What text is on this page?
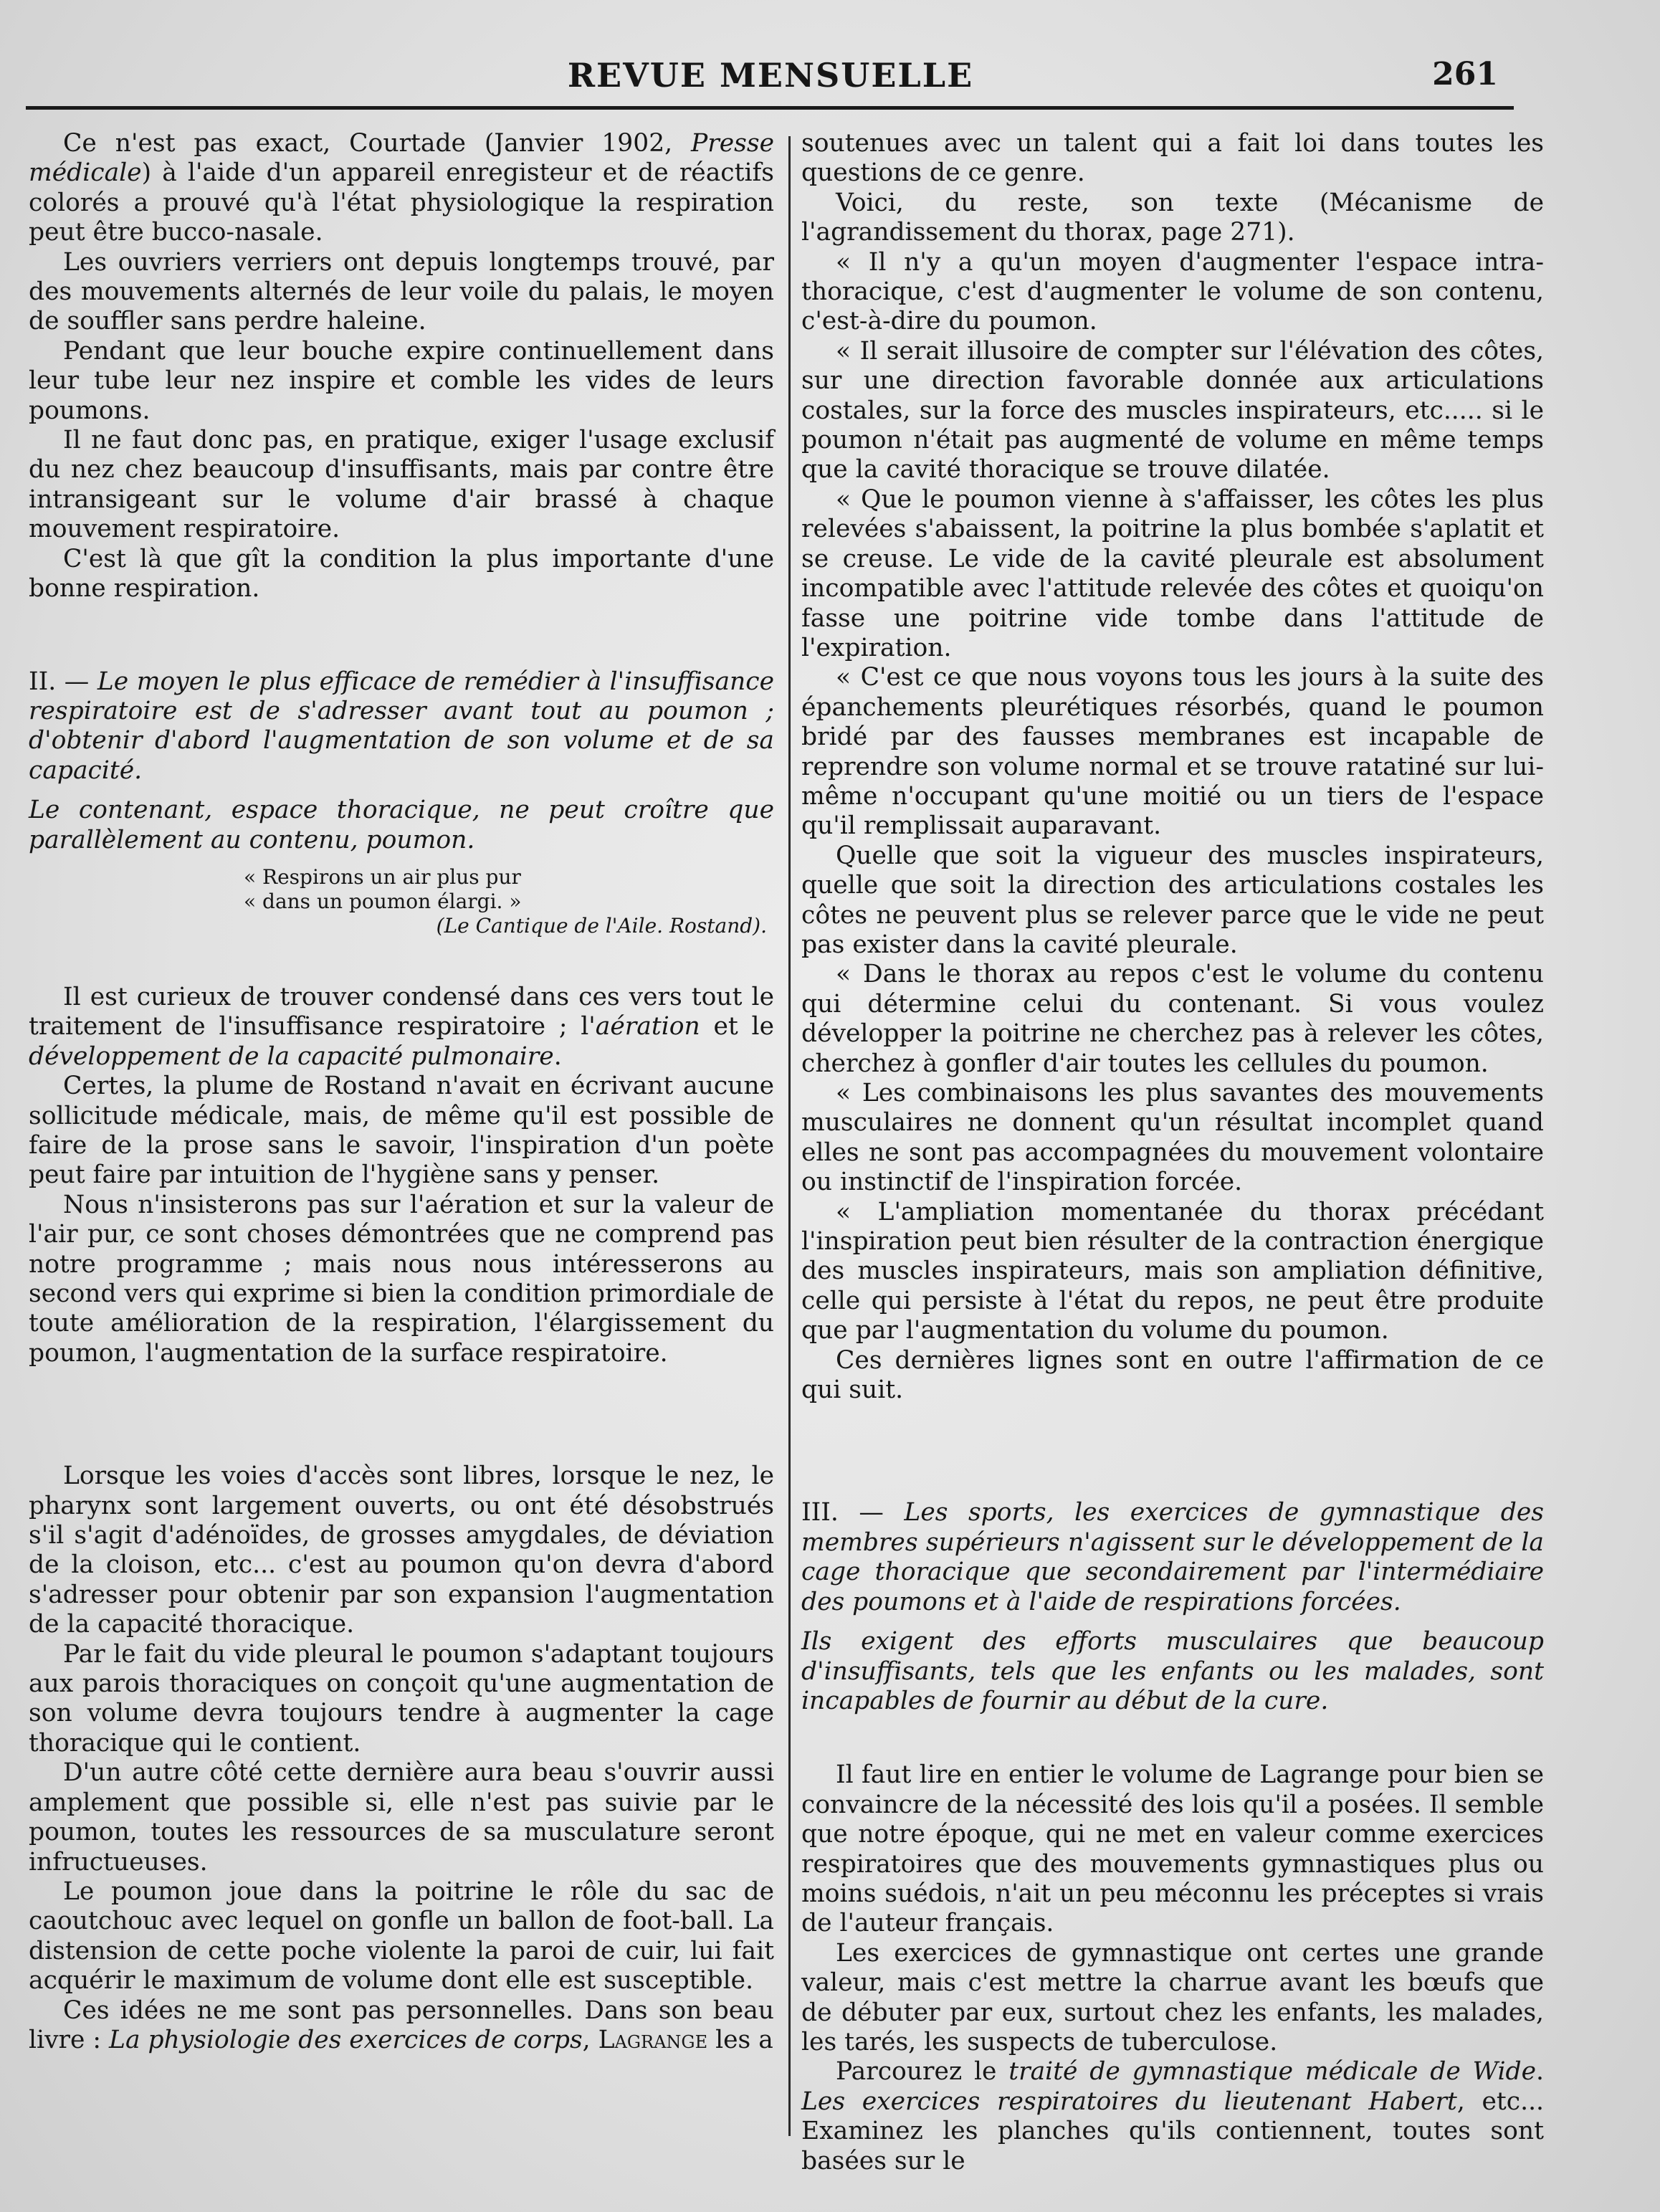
REVUE MENSUELLE	261

Ce n'est pas exact, Courtade (Janvier 1902, Presse médicale) à l'aide d'un appareil enregisteur et de réactifs colorés a prouvé qu'à l'état physiologique la respiration peut être bucco-nasale.

Les ouvriers verriers ont depuis longtemps trouvé, par des mouvements alternés de leur voile du palais, le moyen de souffler sans perdre haleine.

Pendant que leur bouche expire continuellement dans leur tube leur nez inspire et comble les vides de leurs poumons.

Il ne faut donc pas, en pratique, exiger l'usage exclusif du nez chez beaucoup d'insuffisants, mais par contre être intransigeant sur le volume d'air brassé à chaque mouvement respiratoire.

C'est là que gît la condition la plus importante d'une bonne respiration.

II. — Le moyen le plus efficace de remédier à l'insuffisance respiratoire est de s'adresser avant tout au poumon ; d'obtenir d'abord l'augmentation de son volume et de sa capacité.

Le contenant, espace thoracique, ne peut croître que parallèlement au contenu, poumon.

« Respirons un air plus pur
« dans un poumon élargi. »
(Le Cantique de l'Aile. Rostand).

Il est curieux de trouver condensé dans ces vers tout le traitement de l'insuffisance respiratoire ; l'aération et le développement de la capacité pulmonaire.

Certes, la plume de Rostand n'avait en écrivant aucune sollicitude médicale, mais, de même qu'il est possible de faire de la prose sans le savoir, l'inspiration d'un poète peut faire par intuition de l'hygiène sans y penser.

Nous n'insisterons pas sur l'aération et sur la valeur de l'air pur, ce sont choses démontrées que ne comprend pas notre programme ; mais nous nous intéresserons au second vers qui exprime si bien la condition primordiale de toute amélioration de la respiration, l'élargissement du poumon, l'augmentation de la surface respiratoire.

Lorsque les voies d'accès sont libres, lorsque le nez, le pharynx sont largement ouverts, ou ont été désobstrués s'il s'agit d'adénoïdes, de grosses amygdales, de déviation de la cloison, etc... c'est au poumon qu'on devra d'abord s'adresser pour obtenir par son expansion l'augmentation de la capacité thoracique.

Par le fait du vide pleural le poumon s'adaptant toujours aux parois thoraciques on conçoit qu'une augmentation de son volume devra toujours tendre à augmenter la cage thoracique qui le contient.

D'un autre côté cette dernière aura beau s'ouvrir aussi amplement que possible si, elle n'est pas suivie par le poumon, toutes les ressources de sa musculature seront infructueuses.

Le poumon joue dans la poitrine le rôle du sac de caoutchouc avec lequel on gonfle un ballon de foot-ball. La distension de cette poche violente la paroi de cuir, lui fait acquérir le maximum de volume dont elle est susceptible.

Ces idées ne me sont pas personnelles. Dans son beau livre : La physiologie des exercices de corps, Lagrange les a

soutenues avec un talent qui a fait loi dans toutes les questions de ce genre.

Voici, du reste, son texte (Mécanisme de l'agrandissement du thorax, page 271).

« Il n'y a qu'un moyen d'augmenter l'espace intra-thoracique, c'est d'augmenter le volume de son contenu, c'est-à-dire du poumon.

« Il serait illusoire de compter sur l'élévation des côtes, sur une direction favorable donnée aux articulations costales, sur la force des muscles inspirateurs, etc..... si le poumon n'était pas augmenté de volume en même temps que la cavité thoracique se trouve dilatée.

« Que le poumon vienne à s'affaisser, les côtes les plus relevées s'abaissent, la poitrine la plus bombée s'aplatit et se creuse. Le vide de la cavité pleurale est absolument incompatible avec l'attitude relevée des côtes et quoiqu'on fasse une poitrine vide tombe dans l'attitude de l'expiration.

« C'est ce que nous voyons tous les jours à la suite des épanchements pleurétiques résorbés, quand le poumon bridé par des fausses membranes est incapable de reprendre son volume normal et se trouve ratatiné sur lui-même n'occupant qu'une moitié ou un tiers de l'espace qu'il remplissait auparavant.

Quelle que soit la vigueur des muscles inspirateurs, quelle que soit la direction des articulations costales les côtes ne peuvent plus se relever parce que le vide ne peut pas exister dans la cavité pleurale.

« Dans le thorax au repos c'est le volume du contenu qui détermine celui du contenant. Si vous voulez développer la poitrine ne cherchez pas à relever les côtes, cherchez à gonfler d'air toutes les cellules du poumon.

« Les combinaisons les plus savantes des mouvements musculaires ne donnent qu'un résultat incomplet quand elles ne sont pas accompagnées du mouvement volontaire ou instinctif de l'inspiration forcée.

« L'ampliation momentanée du thorax précédant l'inspiration peut bien résulter de la contraction énergique des muscles inspirateurs, mais son ampliation définitive, celle qui persiste à l'état du repos, ne peut être produite que par l'augmentation du volume du poumon.

Ces dernières lignes sont en outre l'affirmation de ce qui suit.

III. — Les sports, les exercices de gymnastique des membres supérieurs n'agissent sur le développement de la cage thoracique que secondairement par l'intermédiaire des poumons et à l'aide de respirations forcées.

Ils exigent des efforts musculaires que beaucoup d'insuffisants, tels que les enfants ou les malades, sont incapables de fournir au début de la cure.

Il faut lire en entier le volume de Lagrange pour bien se convaincre de la nécessité des lois qu'il a posées. Il semble que notre époque, qui ne met en valeur comme exercices respiratoires que des mouvements gymnastiques plus ou moins suédois, n'ait un peu méconnu les préceptes si vrais de l'auteur français.

Les exercices de gymnastique ont certes une grande valeur, mais c'est mettre la charrue avant les bœufs que de débuter par eux, surtout chez les enfants, les malades, les tarés, les suspects de tuberculose.

Parcourez le traité de gymnastique médicale de Wide. Les exercices respiratoires du lieutenant Habert, etc... Examinez les planches qu'ils contiennent, toutes sont basées sur le
